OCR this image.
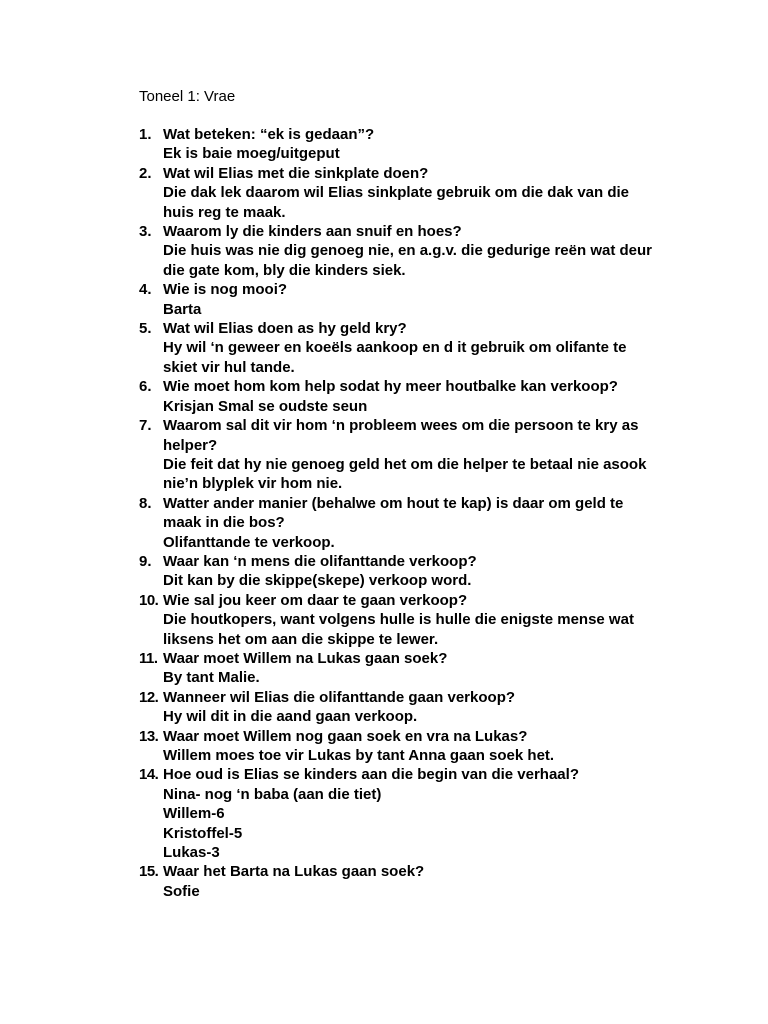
Toneel 1: Vrae
1. Wat beteken: “ek is gedaan”?
Ek is baie moeg/uitgeput
2. Wat wil Elias met die sinkplate doen?
Die dak lek daarom wil Elias sinkplate gebruik om die dak van die
huis reg te maak.
3. Waarom ly die kinders aan snuif en hoes?
Die huis was nie dig genoeg nie, en a.g.v. die gedurige reën wat deur
die gate kom, bly die kinders siek.
4. Wie is nog mooi?
Barta
5. Wat wil Elias doen as hy geld kry?
Hy wil ‘n geweer en koeëls aankoop en d it gebruik om olifante te
skiet vir hul tande.
6. Wie moet hom kom help sodat hy meer houtbalke kan verkoop?
Krisjan Smal se oudste seun
7. Waarom sal dit vir hom ‘n probleem wees om die persoon te kry as
helper?
Die feit dat hy nie genoeg geld het om die helper te betaal nie asook
nie’n blyplek vir hom nie.
8. Watter ander manier (behalwe om hout te kap) is daar om geld te
maak in die bos?
Olifanttande te verkoop.
9. Waar kan ‘n mens die olifanttande verkoop?
Dit kan by die skippe(skepe) verkoop word.
10. Wie sal jou keer om daar te gaan verkoop?
Die houtkopers, want volgens hulle is hulle die enigste mense wat
liksens het om aan die skippe te lewer.
11. Waar moet Willem na Lukas gaan soek?
By tant Malie.
12. Wanneer wil Elias die olifanttande gaan verkoop?
Hy wil dit in die aand gaan verkoop.
13. Waar moet Willem nog gaan soek en vra na Lukas?
Willem moes toe vir Lukas by tant Anna gaan soek het.
14. Hoe oud is Elias se kinders aan die begin van die verhaal?
Nina- nog ‘n baba (aan die tiet)
Willem-6
Kristoffel-5
Lukas-3
15. Waar het Barta na Lukas gaan soek?
Sofie
